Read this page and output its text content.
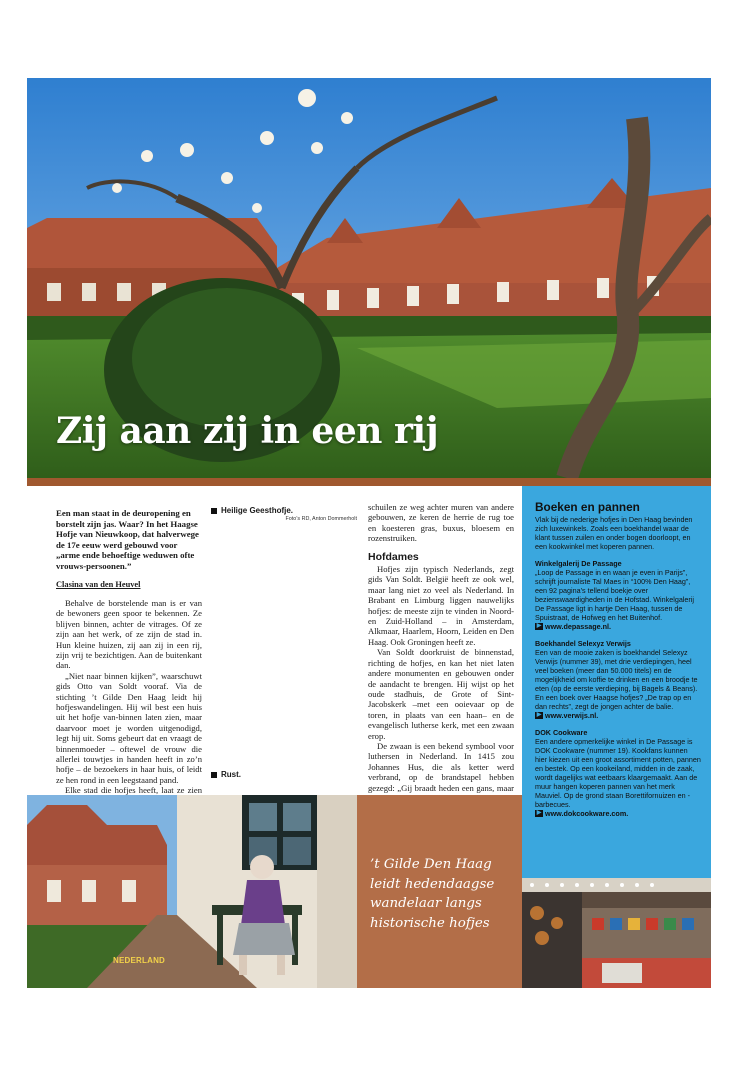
Zij aan zij in een rij
Een man staat in de deuropening en borstelt zijn jas. Waar? In het Haagse Hofje van Nieuwkoop, dat halverwege de 17e eeuw werd gebouwd voor „arme ende behoeftige weduwen ofte vrouws-persoonen.”
Clasina van den Heuvel

Behalve de borstelende man is er van de bewoners geen spoor te bekennen. Ze blijven binnen, achter de vitrages. Of ze zijn aan het werk, of ze zijn de stad in. Hun kleine huizen, zij aan zij in een rij, zijn vrij te bezichtigen. Aan de buitenkant dan.

„Niet naar binnen kijken”, waarschuwt gids Otto van Soldt vooraf. Via de stichting ’t Gilde Den Haag leidt hij hofjeswandelingen. Hij wil best een huis uit het hofje van-binnen laten zien, maar daarvoor moet je worden uitgenodigd, legt hij uit. Soms gebeurt dat en vraagt de binnenmoeder – oftewel de vrouw die allerlei touwtjes in handen heeft in zo’n hofje – de bezoekers in haar huis, of leidt ze hen rond in een leegstaand pand.

Elke stad die hofjes heeft, laat ze zien

Heilige Geesthofje.
Foto’s RD, Anton Dommerholt
Rust.

schuilen ze weg achter muren van andere gebouwen, ze keren de herrie de rug toe en koesteren gras, buxus, bloesem en rozenstruiken.

Hofdames

Hofjes zijn typisch Nederlands, zegt gids Van Soldt. België heeft ze ook wel, maar lang niet zo veel als Nederland. In Brabant en Limburg liggen nauwelijks hofjes: de meeste zijn te vinden in Noord- en Zuid-Holland – in Amsterdam, Alkmaar, Haarlem, Hoorn, Leiden en Den Haag. Ook Groningen heeft ze.

Van Soldt doorkruist de binnenstad, richting de hofjes, en kan het niet laten andere monumenten en gebouwen onder de aandacht te brengen. Hij wijst op het oude stadhuis, de Grote of Sint-Jacobskerk –met een ooievaar op de toren, in plaats van een haan– en de evangelisch lutherse kerk, met een zwaan erop.

De zwaan is een bekend symbool voor luthersen in Nederland. In 1415 zou Johannes Hus, die als ketter werd verbrand, op de brandstapel hebben gezegd: „Gij braadt heden een gans, maar

Boeken en pannen
Vlak bij de nederige hofjes in Den Haag bevinden zich luxewinkels. Zoals een boekhandel waar de klant tussen zuilen en onder bogen doorloopt, en een kookwinkel met koperen pannen.
Winkelgalerij De Passage
„Loop de Passage in en waan je even in Parijs”, schrijft journaliste Tal Maes in “100% Den Haag”, een 92 pagina’s tellend boekje over bezienswaardigheden in de Hofstad. Winkelgalerij De Passage ligt in hartje Den Haag, tussen de Spuistraat, de Hofweg en het Buitenhof.
▶ www.depassage.nl.
Boekhandel Selexyz Verwijs
Een van de mooie zaken is boekhandel Selexyz Verwijs (nummer 39), met drie verdiepingen, heel veel boeken (meer dan 50.000 titels) en de mogelijkheid om koffie te drinken en een broodje te eten (op de eerste verdieping, bij Bagels & Beans). En een boek over Haagse hofjes? „De trap op en dan rechts”, zegt de jongen achter de balie.
▶ www.verwijs.nl.
DOK Cookware
Een andere opmerkelijke winkel in De Passage is DOK Cookware (nummer 19). Kookfans kunnen hier kiezen uit een groot assortiment potten, pannen en bestek. Op een kookeiland, midden in de zaak, wordt dagelijks wat eetbaars klaargemaakt. Aan de muur hangen koperen pannen van het merk Mauviel. Op de grond staan Borettifornuizen en -barbecues.
▶ www.dokcookware.com.
NEDERLAND
’t Gilde Den Haag leidt hedendaagse wandelaar langs historische hofjes
